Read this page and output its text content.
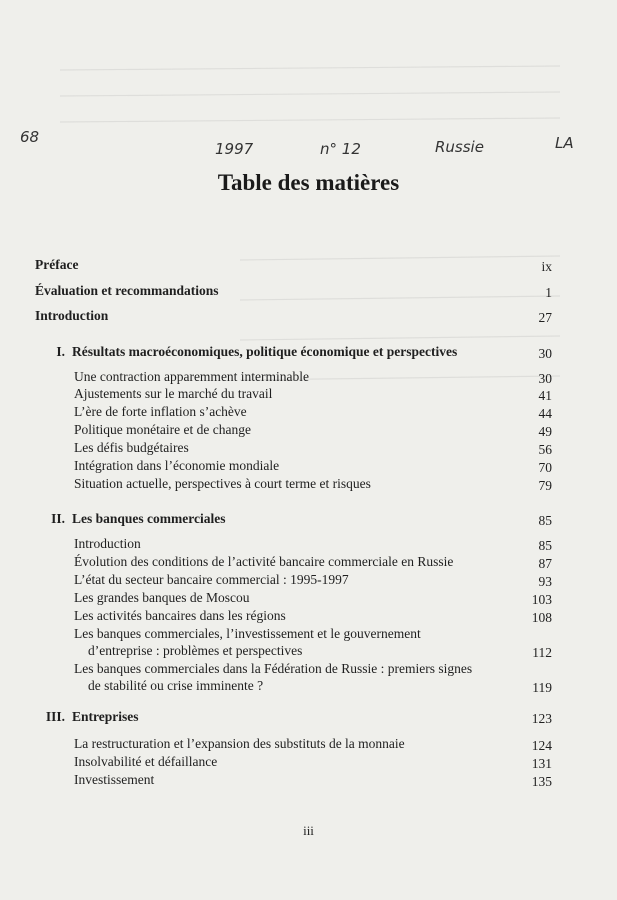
68
1997	n° 12	Russie	LA
Table des matières
Préface	ix
Évaluation et recommandations	1
Introduction	27
I. Résultats macroéconomiques, politique économique et perspectives	30
Une contraction apparemment interminable	30
Ajustements sur le marché du travail	41
L’ère de forte inflation s’achève	44
Politique monétaire et de change	49
Les défis budgétaires	56
Intégration dans l’économie mondiale	70
Situation actuelle, perspectives à court terme et risques	79
II. Les banques commerciales	85
Introduction	85
Évolution des conditions de l’activité bancaire commerciale en Russie	87
L’état du secteur bancaire commercial : 1995-1997	93
Les grandes banques de Moscou	103
Les activités bancaires dans les régions	108
Les banques commerciales, l’investissement et le gouvernement
d’entreprise : problèmes et perspectives	112
Les banques commerciales dans la Fédération de Russie : premiers signes
de stabilité ou crise imminente ?	119
III. Entreprises	123
La restructuration et l’expansion des substituts de la monnaie	124
Insolvabilité et défaillance	131
Investissement	135
iii
